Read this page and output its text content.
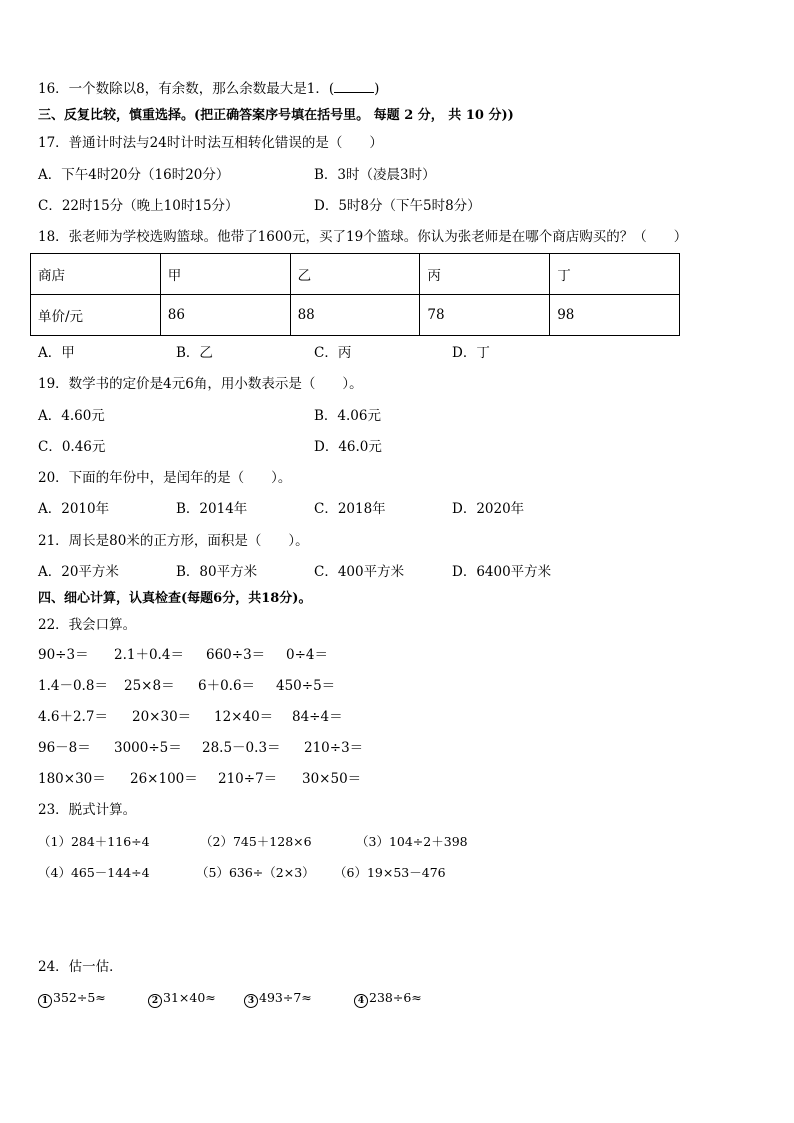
16．一个数除以8，有余数，那么余数最大是1．(	)
三、反复比较，慎重选择。(把正确答案序号填在括号里。 每题 2 分， 共 10 分))
17．普通计时法与24时计时法互相转化错误的是（　　）
A．下午4时20分（16时20分）	B．3时（凌晨3时）
C．22时15分（晚上10时15分）	D．5时8分（下午5时8分）
18．张老师为学校选购篮球。他带了1600元，买了19个篮球。你认为张老师是在哪个商店购买的？（　　）
商店	甲	乙	丙	丁
单价/元	86	88	78	98
A．甲	B．乙	C．丙	D．丁
19．数学书的定价是4元6角，用小数表示是（　　）。
A．4.60元	B．4.06元
C．0.46元	D．46.0元
20．下面的年份中，是闰年的是（　　）。
A．2010年	B．2014年	C．2018年	D．2020年
21．周长是80米的正方形，面积是（　　）。
A．20平方米	B．80平方米	C．400平方米	D．6400平方米
四、细心计算，认真检查(每题6分，共18分)。
22．我会口算。
90÷3＝ 2.1＋0.4＝ 660÷3＝ 0÷4＝
1.4－0.8＝ 25×8＝ 6＋0.6＝ 450÷5＝
4.6＋2.7＝ 20×30＝ 12×40＝ 84÷4＝
96－8＝ 3000÷5＝ 28.5－0.3＝ 210÷3＝
180×30＝ 26×100＝ 210÷7＝ 30×50＝
23．脱式计算。
（1）284＋116÷4	（2）745＋128×6	（3）104÷2＋398
（4）465－144÷4	（5）636÷（2×3） （6）19×53－476
24．估一估．
1 352÷5≈	2 31×40≈	3 493÷7≈	4 238÷6≈
